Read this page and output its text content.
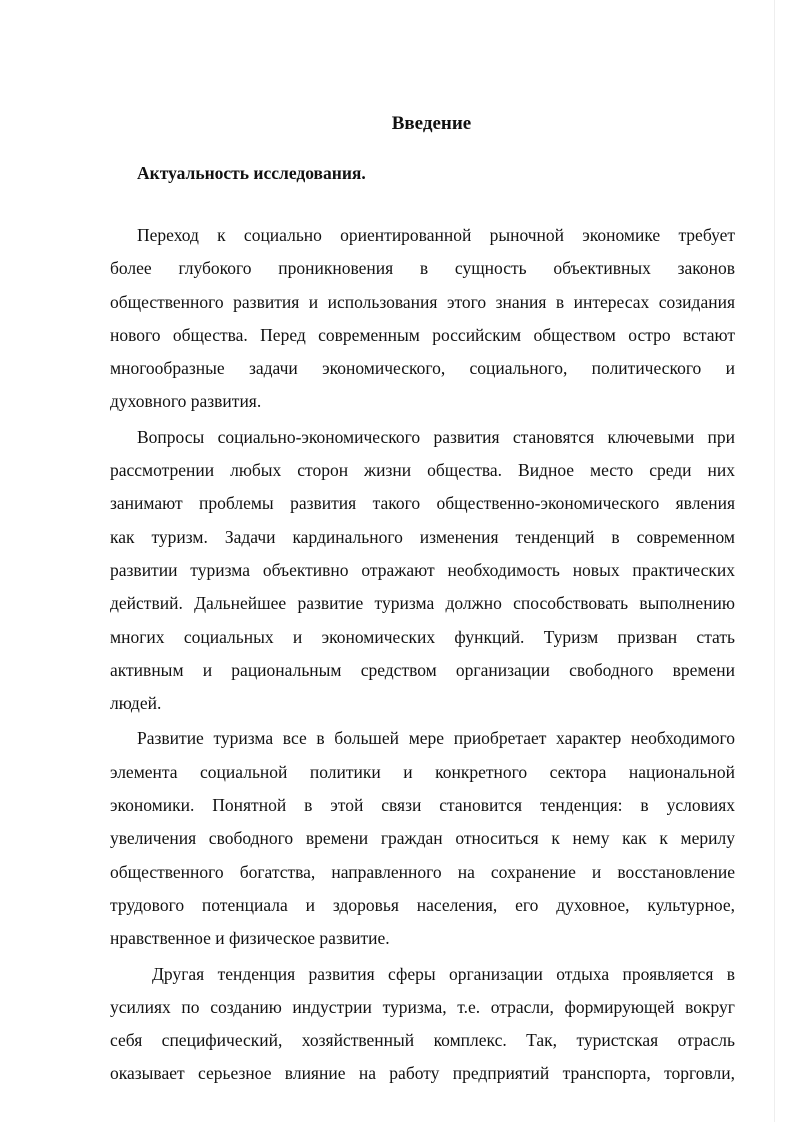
Введение
Актуальность исследования.
Переход к социально ориентированной рыночной экономике требует
более глубокого проникновения в сущность объективных законов
общественного развития и использования этого знания в интересах созидания
нового общества. Перед современным российским обществом остро встают
многообразные задачи экономического, социального, политического и
духовного развития.
Вопросы социально-экономического развития становятся ключевыми при
рассмотрении любых сторон жизни общества. Видное место среди них
занимают проблемы развития такого общественно-экономического явления
как туризм. Задачи кардинального изменения тенденций в современном
развитии туризма объективно отражают необходимость новых практических
действий. Дальнейшее развитие туризма должно способствовать выполнению
многих социальных и экономических функций. Туризм призван стать
активным и рациональным средством организации свободного времени
людей.
Развитие туризма все в большей мере приобретает характер необходимого
элемента социальной политики и конкретного сектора национальной
экономики. Понятной в этой связи становится тенденция: в условиях
увеличения свободного времени граждан относиться к нему как к мерилу
общественного богатства, направленного на сохранение и восстановление
трудового потенциала и здоровья населения, его духовное, культурное,
нравственное и физическое развитие.
Другая тенденция развития сферы организации отдыха проявляется в
усилиях по созданию индустрии туризма, т.е. отрасли, формирующей вокруг
себя специфический, хозяйственный комплекс. Так, туристская отрасль
оказывает серьезное влияние на работу предприятий транспорта, торговли,
